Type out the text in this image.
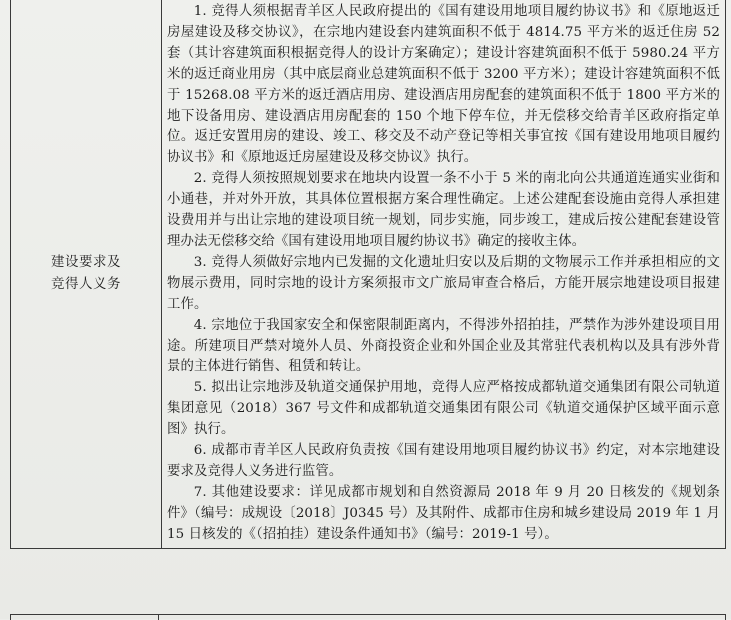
建设要求及
竞得人义务

1. 竞得人须根据青羊区人民政府提出的《国有建设用地项目履约协议书》和《原地返迁房屋建设及移交协议》，在宗地内建设套内建筑面积不低于 4814.75 平方米的返迁住房 52 套（其计容建筑面积根据竞得人的设计方案确定）；建设计容建筑面积不低于 5980.24 平方米的返迁商业用房（其中底层商业总建筑面积不低于 3200 平方米）；建设计容建筑面积不低于 15268.08 平方米的返迁酒店用房、建设酒店用房配套的建筑面积不低于 1800 平方米的地下设备用房、建设酒店用房配套的 150 个地下停车位，并无偿移交给青羊区政府指定单位。返迁安置用房的建设、竣工、移交及不动产登记等相关事宜按《国有建设用地项目履约协议书》和《原地返迁房屋建设及移交协议》执行。

2. 竞得人须按照规划要求在地块内设置一条不小于 5 米的南北向公共通道连通实业街和小通巷，并对外开放，其具体位置根据方案合理性确定。上述公建配套设施由竞得人承担建设费用并与出让宗地的建设项目统一规划，同步实施，同步竣工，建成后按公建配套建设管理办法无偿移交给《国有建设用地项目履约协议书》确定的接收主体。

3. 竞得人须做好宗地内已发掘的文化遗址归安以及后期的文物展示工作并承担相应的文物展示费用，同时宗地的设计方案须报市文广旅局审查合格后，方能开展宗地建设项目报建工作。

4. 宗地位于我国家安全和保密限制距离内，不得涉外招拍挂，严禁作为涉外建设项目用途。所建项目严禁对境外人员、外商投资企业和外国企业及其常驻代表机构以及具有涉外背景的主体进行销售、租赁和转让。

5. 拟出让宗地涉及轨道交通保护用地，竞得人应严格按成都轨道交通集团有限公司轨道集团意见（2018）367 号文件和成都轨道交通集团有限公司《轨道交通保护区域平面示意图》执行。

6. 成都市青羊区人民政府负责按《国有建设用地项目履约协议书》约定，对本宗地建设要求及竞得人义务进行监管。

7. 其他建设要求：详见成都市规划和自然资源局 2018 年 9 月 20 日核发的《规划条件》（编号：成规设〔2018〕J0345 号）及其附件、成都市住房和城乡建设局 2019 年 1 月 15 日核发的《（招拍挂）建设条件通知书》（编号：2019-1 号）。
